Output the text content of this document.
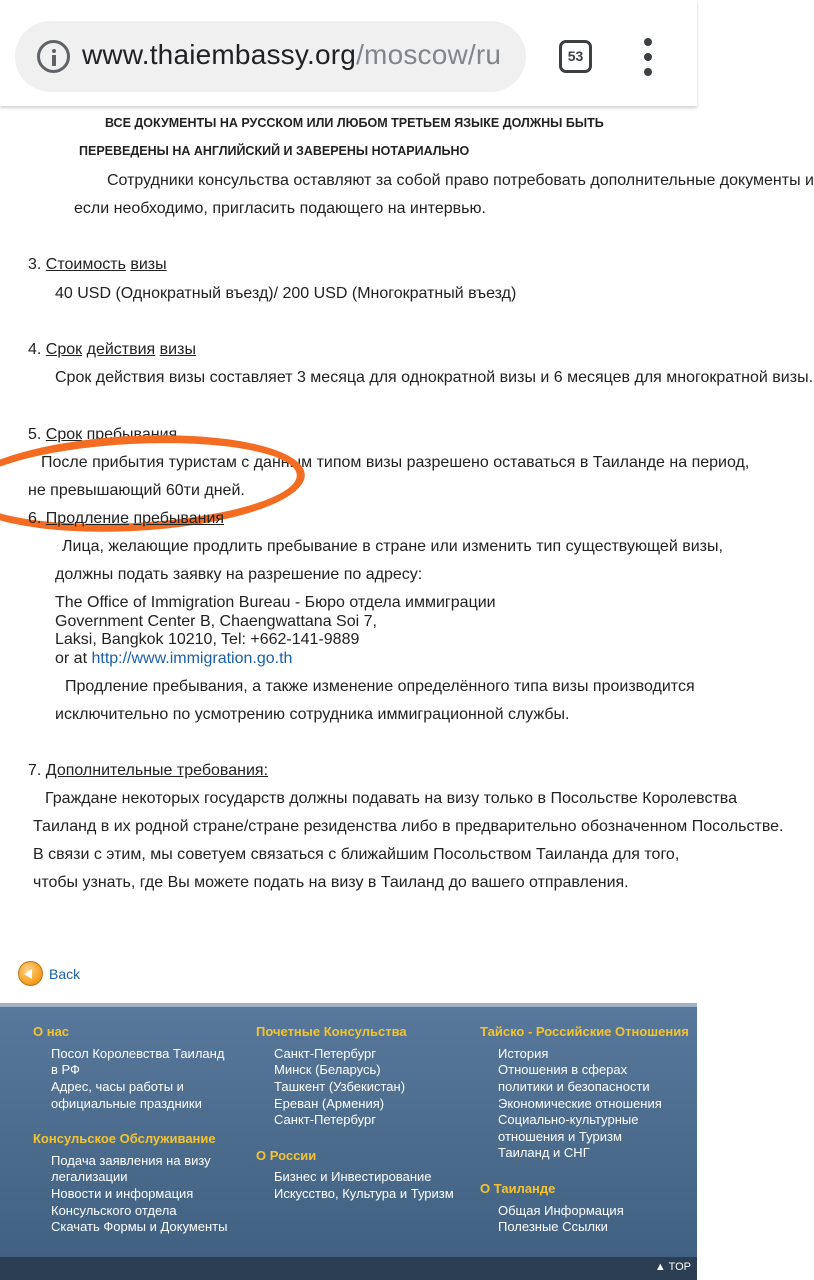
www.thaiembassy.org/moscow/ru	53
ВСЕ ДОКУМЕНТЫ НА РУССКОМ ИЛИ ЛЮБОМ ТРЕТЬЕМ ЯЗЫКЕ ДОЛЖНЫ БЫТЬ
ПЕРЕВЕДЕНЫ НА АНГЛИЙСКИЙ И ЗАВЕРЕНЫ НОТАРИАЛЬНО
Сотрудники консульства оставляют за собой право потребовать дополнительные документы и
если необходимо, пригласить подающего на интервью.
3. Стоимость визы
40 USD (Однократный въезд)/ 200 USD (Многократный въезд)
4. Срок действия визы
Срок действия визы составляет 3 месяца для однократной визы и 6 месяцев для многократной визы.
5. Срок пребывания
После прибытия туристам с данным типом визы разрешено оставаться в Таиланде на период,
не превышающий 60ти дней.
6. Продление пребывания
Лица, желающие продлить пребывание в стране или изменить тип существующей визы,
должны подать заявку на разрешение по адресу:
The Office of Immigration Bureau - Бюро отдела иммиграции
Government Center B, Chaengwattana Soi 7,
Laksi, Bangkok 10210, Tel: +662-141-9889
or at http://www.immigration.go.th
Продление пребывания, а также изменение определённого типа визы производится
исключительно по усмотрению сотрудника иммиграционной службы.
7. Дополнительные требования:
Граждане некоторых государств должны подавать на визу только в Посольстве Королевства
Таиланд в их родной стране/стране резиденства либо в предварительно обозначенном Посольстве.
В связи с этим, мы советуем связаться с ближайшим Посольством Таиланда для того,
чтобы узнать, где Вы можете подать на визу в Таиланд до вашего отправления.
Back
О нас
Посол Королевства Таиланд
в РФ
Адрес, часы работы и
официальные праздники
Консульское Обслуживание
Подача заявления на визу
легализации
Новости и информация
Консульского отдела
Скачать Формы и Документы
Почетные Консульства
Санкт-Петербург
Минск (Беларусь)
Ташкент (Узбекистан)
Ереван (Армения)
Санкт-Петербург
О России
Бизнес и Инвестирование
Искусство, Культура и Туризм
Тайско - Российские Отношения
История
Отношения в сферах
политики и безопасности
Экономические отношения
Социально-культурные
отношения и Туризм
Таиланд и СНГ
О Таиланде
Общая Информация
Полезные Ссылки
▲ TOP
